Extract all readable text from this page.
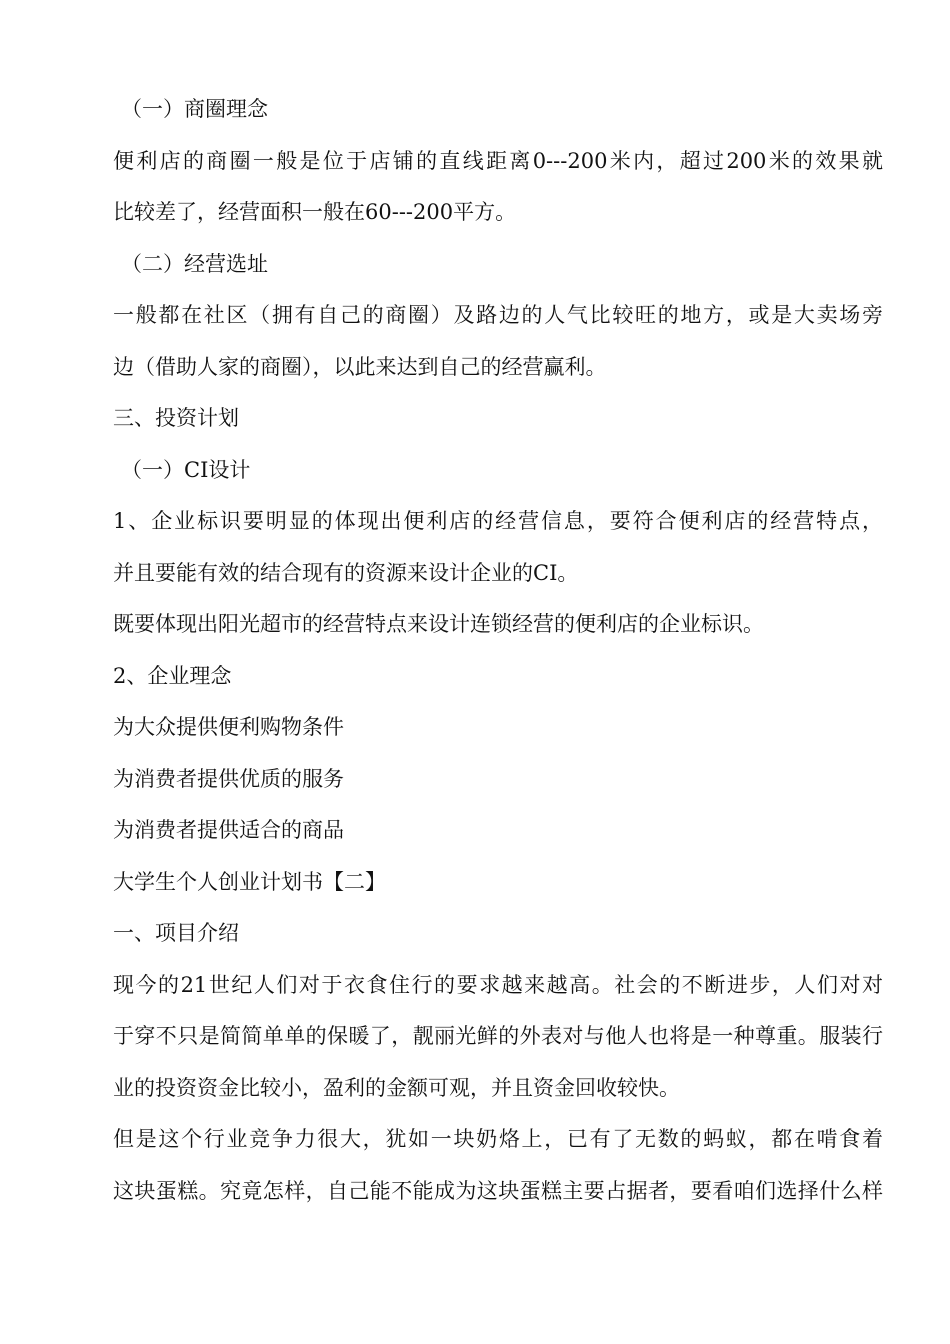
（一）商圈理念
便利店的商圈一般是位于店铺的直线距离0---200米内，超过200米的效果就
比较差了，经营面积一般在60---200平方。
（二）经营选址
一般都在社区（拥有自己的商圈）及路边的人气比较旺的地方，或是大卖场旁
边（借助人家的商圈），以此来达到自己的经营赢利。
三、投资计划
（一）CI设计
1、企业标识要明显的体现出便利店的经营信息，要符合便利店的经营特点，
并且要能有效的结合现有的资源来设计企业的CI。
既要体现出阳光超市的经营特点来设计连锁经营的便利店的企业标识。
2、企业理念
为大众提供便利购物条件
为消费者提供优质的服务
为消费者提供适合的商品
大学生个人创业计划书【二】
一、项目介绍
现今的21世纪人们对于衣食住行的要求越来越高。社会的不断进步，人们对对
于穿不只是简简单单的保暖了，靓丽光鲜的外表对与他人也将是一种尊重。服装行
业的投资资金比较小，盈利的金额可观，并且资金回收较快。
但是这个行业竞争力很大，犹如一块奶烙上，已有了无数的蚂蚁，都在啃食着
这块蛋糕。究竟怎样，自己能不能成为这块蛋糕主要占据者，要看咱们选择什么样
